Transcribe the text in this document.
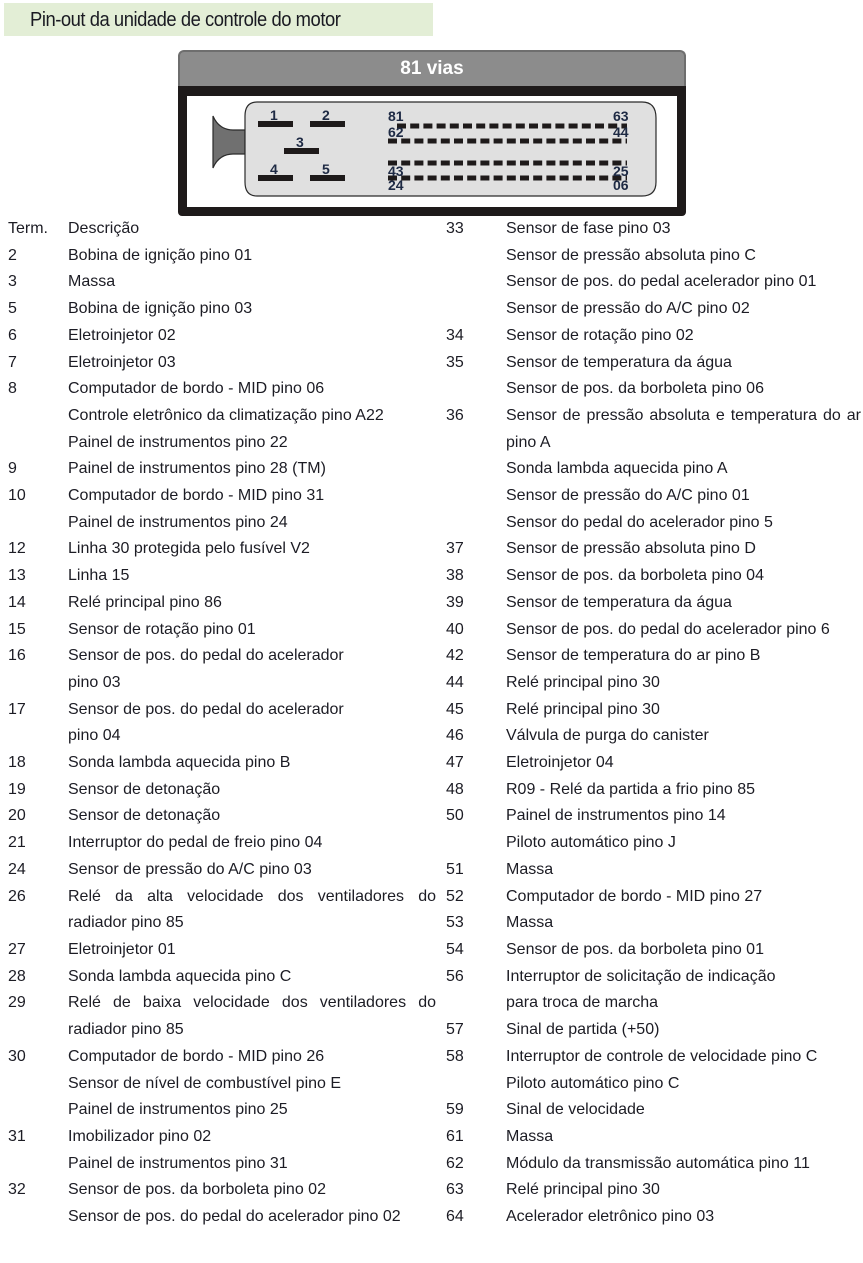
Pin-out da unidade de controle do motor
81 vias
1	2
3
4	5
81	63
62	44
43	25
24	06
Term.	Descrição
2	Bobina de ignição pino 01
3	Massa
5	Bobina de ignição pino 03
6	Eletroinjetor 02
7	Eletroinjetor 03
8	Computador de bordo - MID pino 06
Controle eletrônico da climatização pino A22
Painel de instrumentos pino 22
9	Painel de instrumentos pino 28 (TM)
10	Computador de bordo - MID pino 31
Painel de instrumentos pino 24
12	Linha 30 protegida pelo fusível V2
13	Linha 15
14	Relé principal pino 86
15	Sensor de rotação pino 01
16	Sensor de pos. do pedal do acelerador
pino 03
17	Sensor de pos. do pedal do acelerador
pino 04
18	Sonda lambda aquecida pino B
19	Sensor de detonação
20	Sensor de detonação
21	Interruptor do pedal de freio pino 04
24	Sensor de pressão do A/C pino 03
26	Relé da alta velocidade dos ventiladores do radiador pino 85
27	Eletroinjetor 01
28	Sonda lambda aquecida pino C
29	Relé de baixa velocidade dos ventiladores do radiador pino 85
30	Computador de bordo - MID pino 26
Sensor de nível de combustível pino E
Painel de instrumentos pino 25
31	Imobilizador pino 02
Painel de instrumentos pino 31
32	Sensor de pos. da borboleta pino 02
Sensor de pos. do pedal do acelerador pino 02
33	Sensor de fase pino 03
Sensor de pressão absoluta pino C
Sensor de pos. do pedal acelerador pino 01
Sensor de pressão do A/C pino 02
34	Sensor de rotação pino 02
35	Sensor de temperatura da água
Sensor de pos. da borboleta pino 06
36	Sensor de pressão absoluta e temperatura do ar pino A
Sonda lambda aquecida pino A
Sensor de pressão do A/C pino 01
Sensor do pedal do acelerador pino 5
37	Sensor de pressão absoluta pino D
38	Sensor de pos. da borboleta pino 04
39	Sensor de temperatura da água
40	Sensor de pos. do pedal do acelerador pino 6
42	Sensor de temperatura do ar pino B
44	Relé principal pino 30
45	Relé principal pino 30
46	Válvula de purga do canister
47	Eletroinjetor 04
48	R09 - Relé da partida a frio pino 85
50	Painel de instrumentos pino 14
Piloto automático pino J
51	Massa
52	Computador de bordo - MID pino 27
53	Massa
54	Sensor de pos. da borboleta pino 01
56	Interruptor de solicitação de indicação
para troca de marcha
57	Sinal de partida (+50)
58	Interruptor de controle de velocidade pino C
Piloto automático pino C
59	Sinal de velocidade
61	Massa
62	Módulo da transmissão automática pino 11
63	Relé principal pino 30
64	Acelerador eletrônico pino 03
